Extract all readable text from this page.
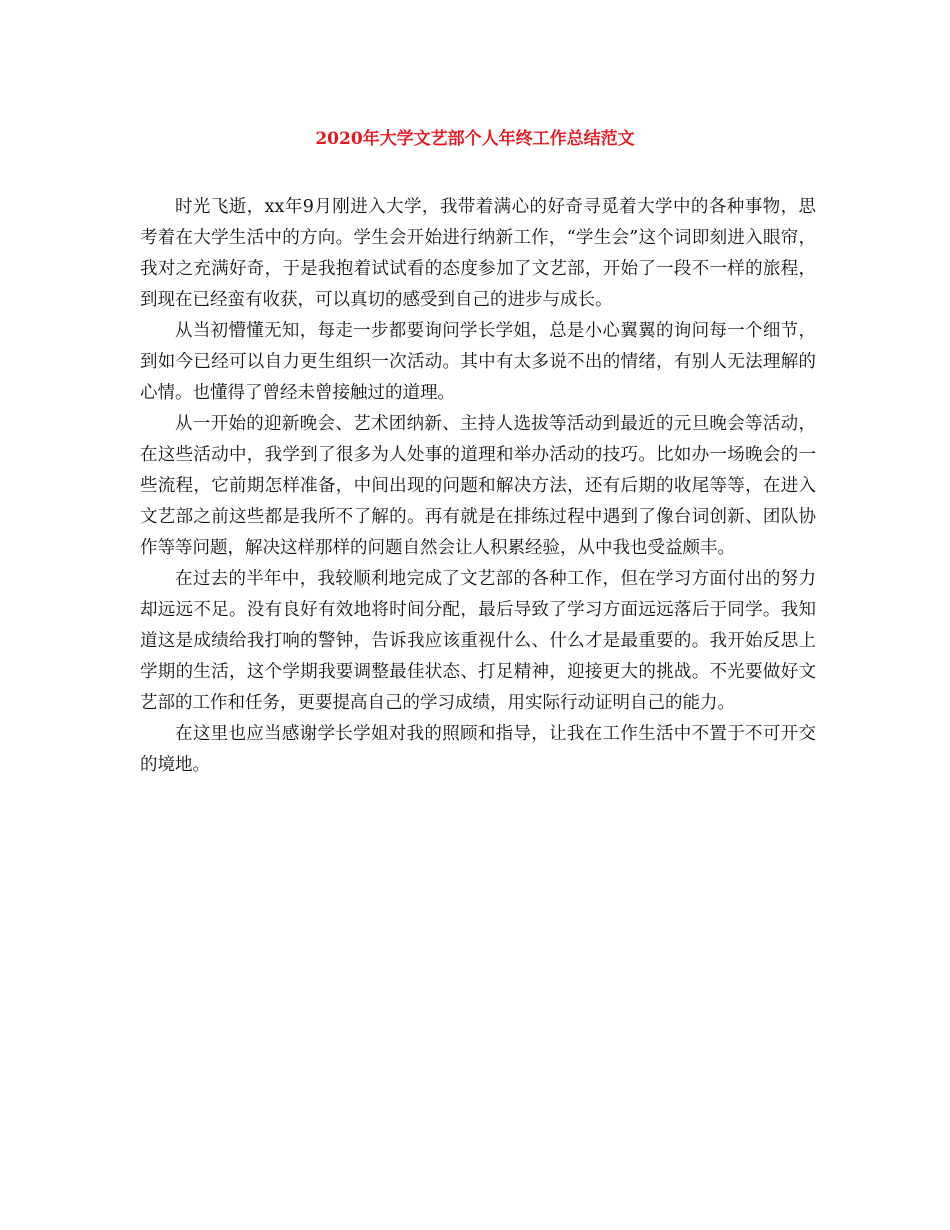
2020年大学文艺部个人年终工作总结范文

时光飞逝，xx年9月刚进入大学，我带着满心的好奇寻觅着大学中的各种事物，思考着在大学生活中的方向。学生会开始进行纳新工作，“学生会”这个词即刻进入眼帘，我对之充满好奇，于是我抱着试试看的态度参加了文艺部，开始了一段不一样的旅程，到现在已经蛮有收获，可以真切的感受到自己的进步与成长。

从当初懵懂无知，每走一步都要询问学长学姐，总是小心翼翼的询问每一个细节，到如今已经可以自力更生组织一次活动。其中有太多说不出的情绪，有别人无法理解的心情。也懂得了曾经未曾接触过的道理。

从一开始的迎新晚会、艺术团纳新、主持人选拔等活动到最近的元旦晚会等活动，在这些活动中，我学到了很多为人处事的道理和举办活动的技巧。比如办一场晚会的一些流程，它前期怎样准备，中间出现的问题和解决方法，还有后期的收尾等等，在进入文艺部之前这些都是我所不了解的。再有就是在排练过程中遇到了像台词创新、团队协作等等问题，解决这样那样的问题自然会让人积累经验，从中我也受益颇丰。

在过去的半年中，我较顺利地完成了文艺部的各种工作，但在学习方面付出的努力却远远不足。没有良好有效地将时间分配，最后导致了学习方面远远落后于同学。我知道这是成绩给我打响的警钟，告诉我应该重视什么、什么才是最重要的。我开始反思上学期的生活，这个学期我要调整最佳状态、打足精神，迎接更大的挑战。不光要做好文艺部的工作和任务，更要提高自己的学习成绩，用实际行动证明自己的能力。

在这里也应当感谢学长学姐对我的照顾和指导，让我在工作生活中不置于不可开交的境地。
